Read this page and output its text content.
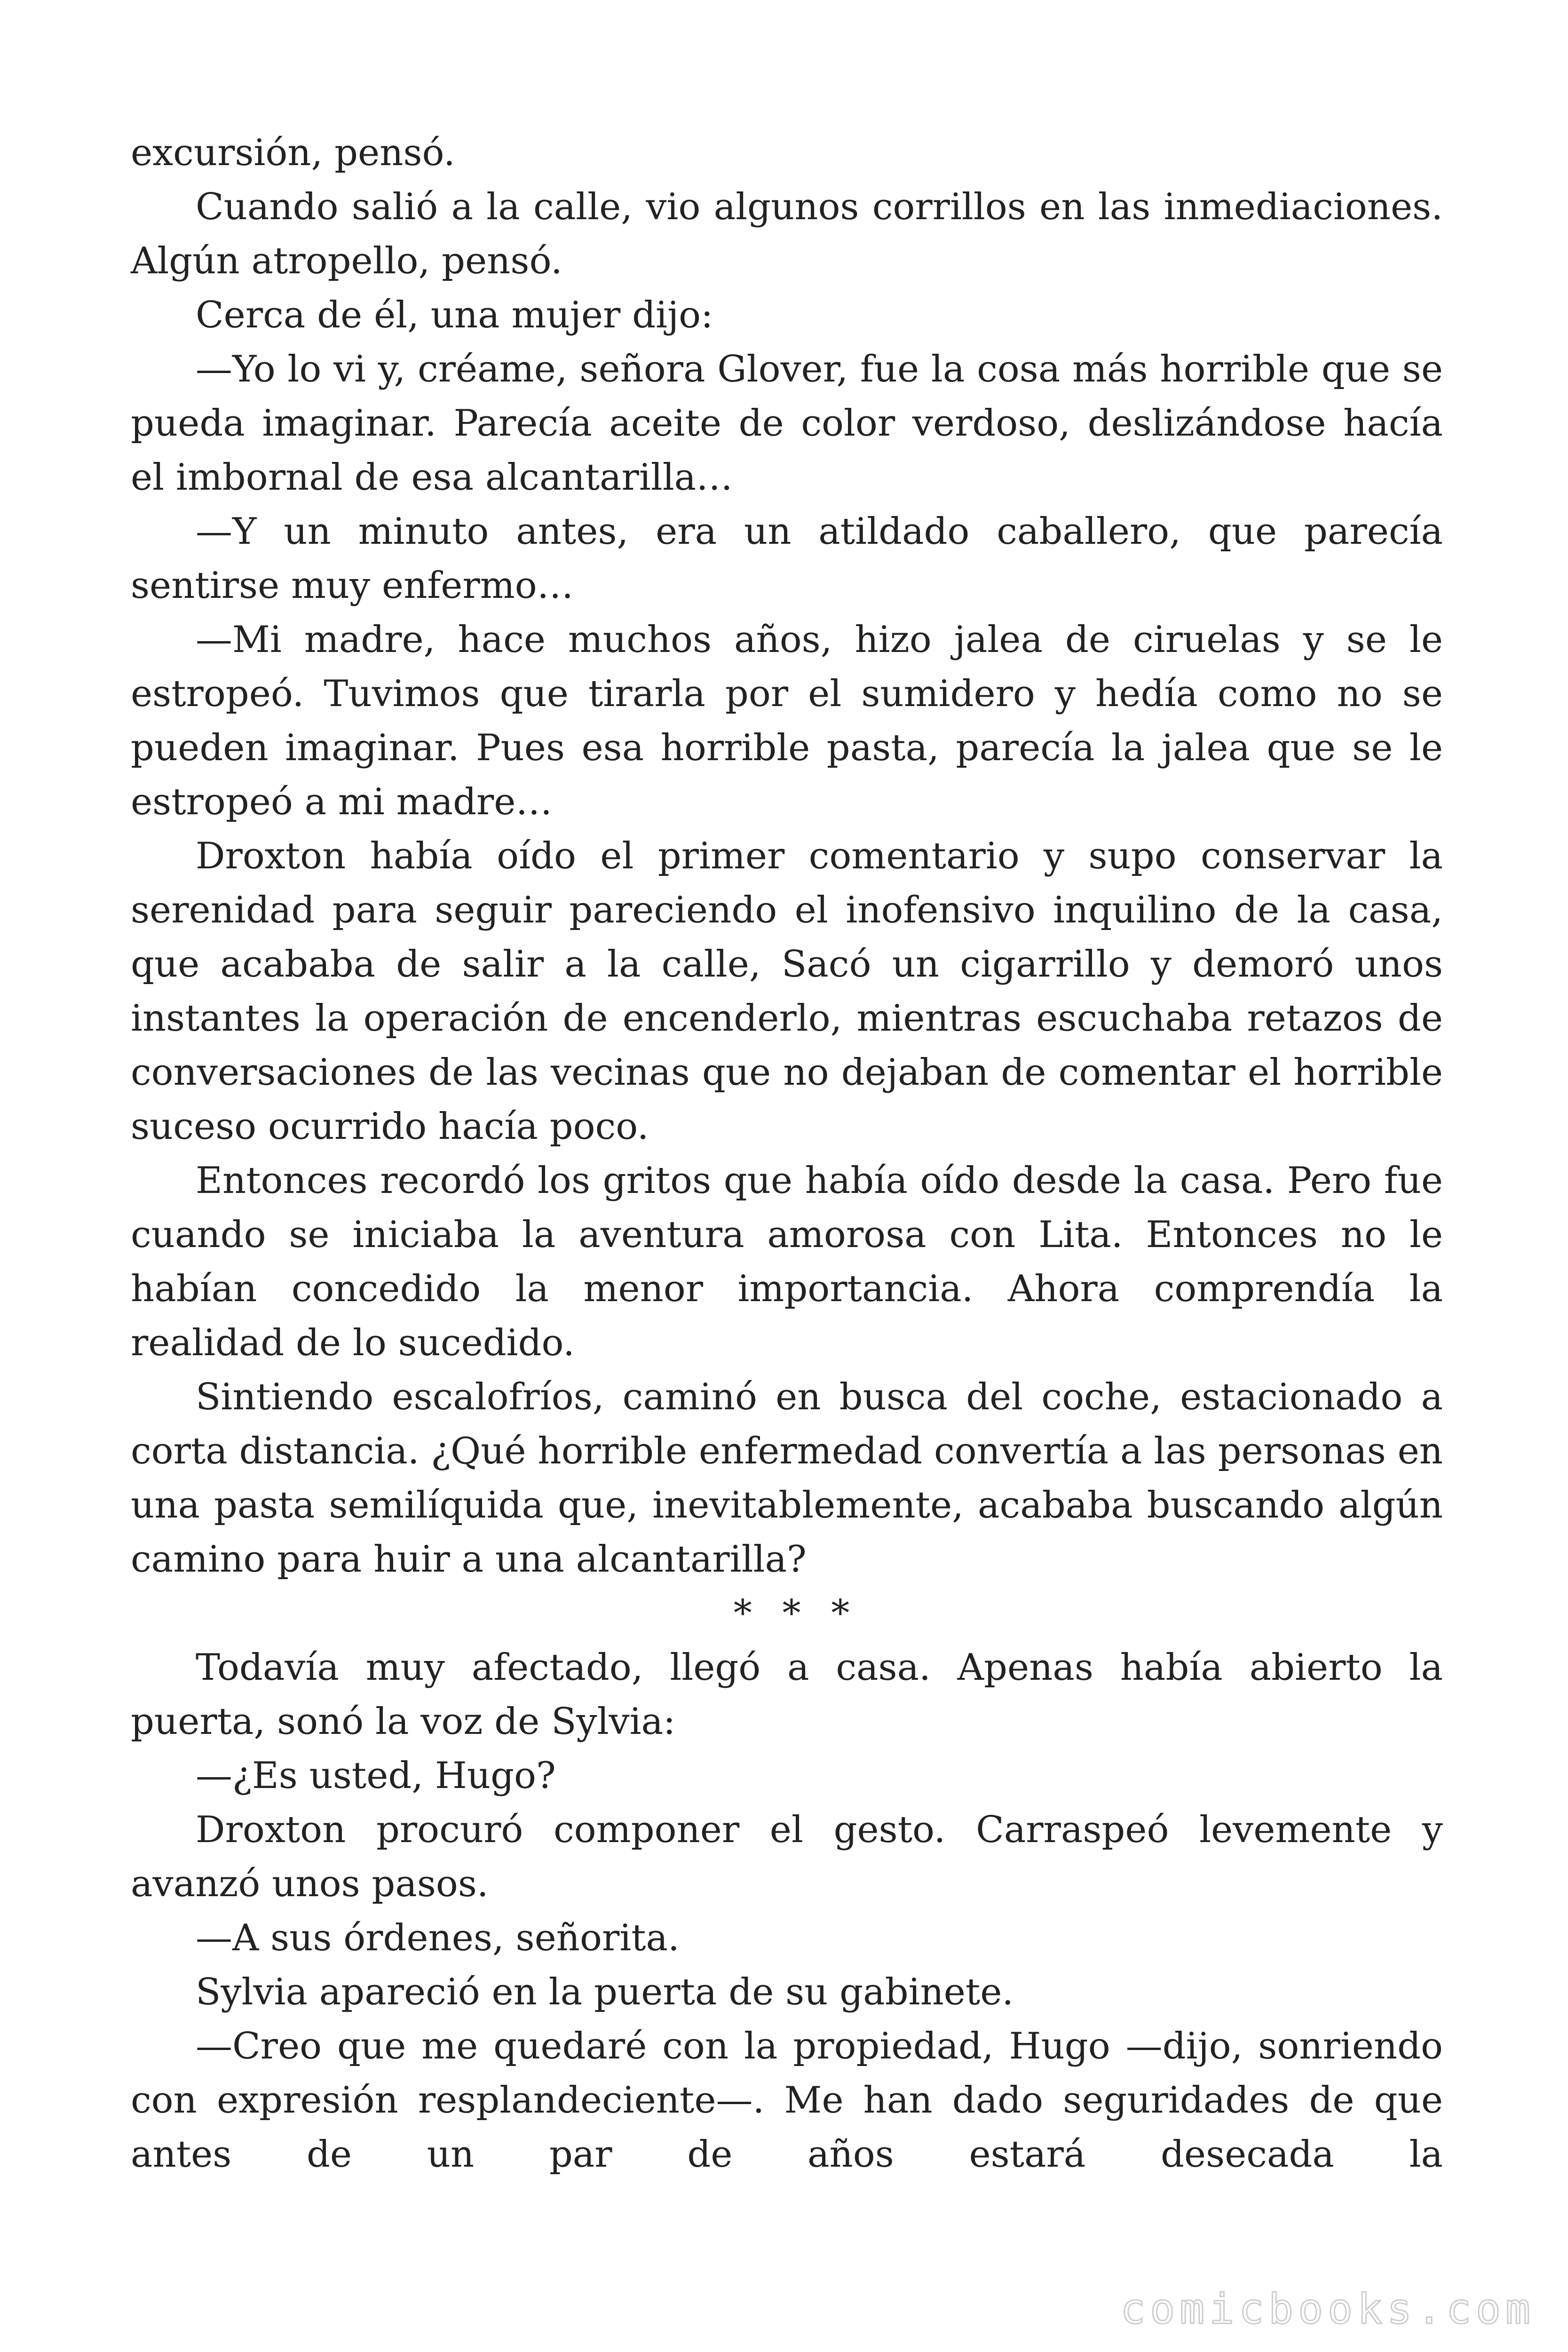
excursión, pensó.

Cuando salió a la calle, vio algunos corrillos en las inmediaciones. Algún atropello, pensó.

Cerca de él, una mujer dijo:

—Yo lo vi y, créame, señora Glover, fue la cosa más horrible que se pueda imaginar. Parecía aceite de color verdoso, deslizándose hacía el imbornal de esa alcantarilla…

—Y un minuto antes, era un atildado caballero, que parecía sentirse muy enfermo…

—Mi madre, hace muchos años, hizo jalea de ciruelas y se le estropeó. Tuvimos que tirarla por el sumidero y hedía como no se pueden imaginar. Pues esa horrible pasta, parecía la jalea que se le estropeó a mi madre…

Droxton había oído el primer comentario y supo conservar la serenidad para seguir pareciendo el inofensivo inquilino de la casa, que acababa de salir a la calle, Sacó un cigarrillo y demoró unos instantes la operación de encenderlo, mientras escuchaba retazos de conversaciones de las vecinas que no dejaban de comentar el horrible suceso ocurrido hacía poco.

Entonces recordó los gritos que había oído desde la casa. Pero fue cuando se iniciaba la aventura amorosa con Lita. Entonces no le habían concedido la menor importancia. Ahora comprendía la realidad de lo sucedido.

Sintiendo escalofríos, caminó en busca del coche, estacionado a corta distancia. ¿Qué horrible enfermedad convertía a las personas en una pasta semilíquida que, inevitablemente, acababa buscando algún camino para huir a una alcantarilla?

* * *

Todavía muy afectado, llegó a casa. Apenas había abierto la puerta, sonó la voz de Sylvia:

—¿Es usted, Hugo?

Droxton procuró componer el gesto. Carraspeó levemente y avanzó unos pasos.

—A sus órdenes, señorita.

Sylvia apareció en la puerta de su gabinete.

—Creo que me quedaré con la propiedad, Hugo —dijo, sonriendo con expresión resplandeciente—. Me han dado seguridades de que antes de un par de años estará desecada la

comicbooks.com
